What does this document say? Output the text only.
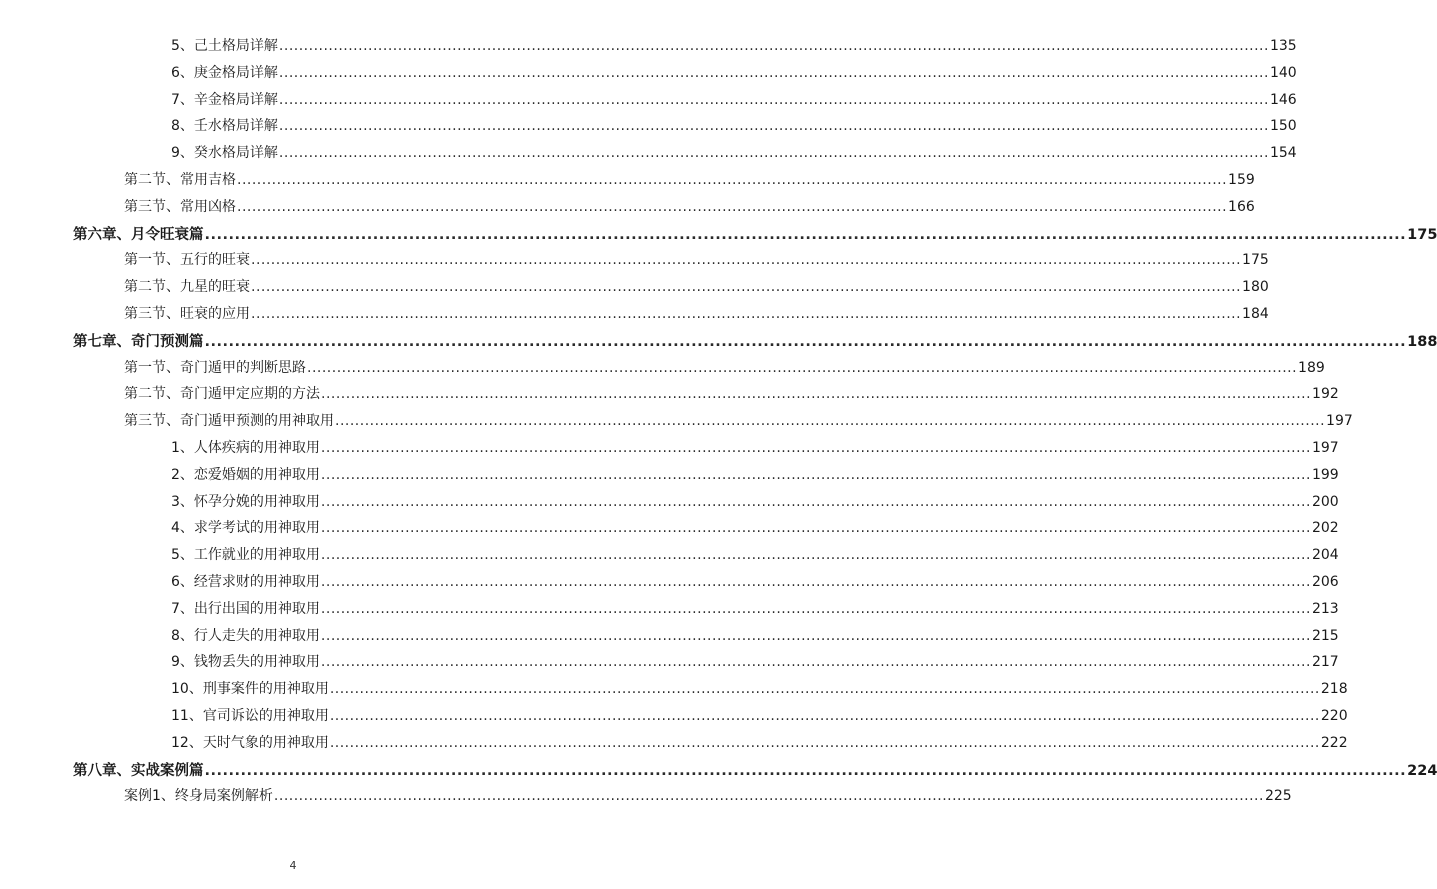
5、己土格局详解 ........................................................................................................................................................................................................ 135
6、庚金格局详解 ........................................................................................................................................................................................................ 140
7、辛金格局详解 ........................................................................................................................................................................................................ 146
8、壬水格局详解 ........................................................................................................................................................................................................ 150
9、癸水格局详解 ........................................................................................................................................................................................................ 154
第二节、常用吉格 ........................................................................................................................................................................................................ 159
第三节、常用凶格 ........................................................................................................................................................................................................ 166
第六章、月令旺衰篇 ........................................................................................................................................................................................................ 175
第一节、五行的旺衰 ........................................................................................................................................................................................................ 175
第二节、九星的旺衰 ........................................................................................................................................................................................................ 180
第三节、旺衰的应用 ........................................................................................................................................................................................................ 184
第七章、奇门预测篇 ........................................................................................................................................................................................................ 188
第一节、奇门遁甲的判断思路 ........................................................................................................................................................................................................ 189
第二节、奇门遁甲定应期的方法 ........................................................................................................................................................................................................ 192
第三节、奇门遁甲预测的用神取用 ........................................................................................................................................................................................................ 197
1、人体疾病的用神取用 ........................................................................................................................................................................................................ 197
2、恋爱婚姻的用神取用 ........................................................................................................................................................................................................ 199
3、怀孕分娩的用神取用 ........................................................................................................................................................................................................ 200
4、求学考试的用神取用 ........................................................................................................................................................................................................ 202
5、工作就业的用神取用 ........................................................................................................................................................................................................ 204
6、经营求财的用神取用 ........................................................................................................................................................................................................ 206
7、出行出国的用神取用 ........................................................................................................................................................................................................ 213
8、行人走失的用神取用 ........................................................................................................................................................................................................ 215
9、钱物丢失的用神取用 ........................................................................................................................................................................................................ 217
10、刑事案件的用神取用 ........................................................................................................................................................................................................ 218
11、官司诉讼的用神取用 ........................................................................................................................................................................................................ 220
12、天时气象的用神取用 ........................................................................................................................................................................................................ 222
第八章、实战案例篇 ........................................................................................................................................................................................................ 224
案例1、终身局案例解析 ........................................................................................................................................................................................................ 225
4
